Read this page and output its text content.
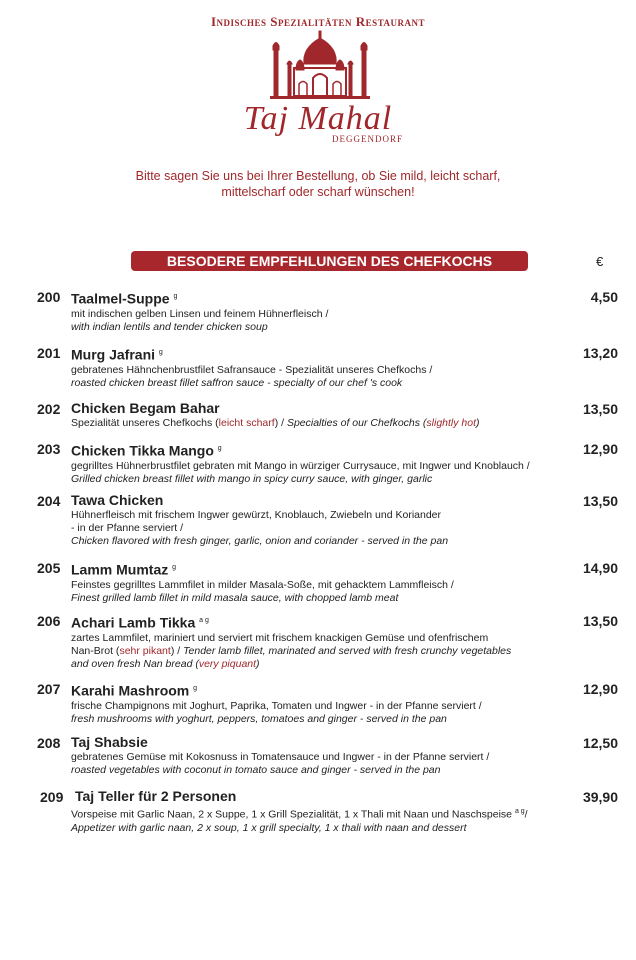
Indisches Spezialitäten Restaurant
Taj Mahal
DEGGENDORF
Bitte sagen Sie uns bei Ihrer Bestellung, ob Sie mild, leicht scharf,
mittelscharf oder scharf wünschen!
BESODERE EMPFEHLUNGEN DES CHEFKOCHS	€
200 Taalmel-Suppe $^g$
mit indischen gelben Linsen und feinem Hühnerfleisch /
with indian lentils and tender chicken soup
4,50
201 Murg Jafrani $^g$
gebratenes Hähnchenbrustfilet Safransauce - Spezialität unseres Chefkochs /
roasted chicken breast fillet saffron sauce - specialty of our chef 's cook
13,20
202 Chicken Begam Bahar
Spezialität unseres Chefkochs (leicht scharf) / Specialties of our Chefkochs (slightly hot)
13,50
203 Chicken Tikka Mango $^g$
gegrilltes Hühnerbrustfilet gebraten mit Mango in würziger Currysauce, mit Ingwer und Knoblauch /
Grilled chicken breast fillet with mango in spicy curry sauce, with ginger, garlic
12,90
204 Tawa Chicken
Hühnerfleisch mit frischem Ingwer gewürzt, Knoblauch, Zwiebeln und Koriander
- in der Pfanne serviert /
Chicken flavored with fresh ginger, garlic, onion and coriander - served in the pan
13,50
205 Lamm Mumtaz $^g$
Feinstes gegrilltes Lammfilet in milder Masala-Soße, mit gehacktem Lammfleisch /
Finest grilled lamb fillet in mild masala sauce, with chopped lamb meat
14,90
206 Achari Lamb Tikka $^{a g}$
zartes Lammfilet, mariniert und serviert mit frischem knackigen Gemüse und ofenfrischem
Nan-Brot (sehr pikant) / Tender lamb fillet, marinated and served with fresh crunchy vegetables
and oven fresh Nan bread (very piquant)
13,50
207 Karahi Mashroom $^g$
frische Champignons mit Joghurt, Paprika, Tomaten und Ingwer - in der Pfanne serviert /
fresh mushrooms with yoghurt, peppers, tomatoes and ginger - served in the pan
12,90
208 Taj Shabsie
gebratenes Gemüse mit Kokosnuss in Tomatensauce und Ingwer - in der Pfanne serviert /
roasted vegetables with coconut in tomato sauce and ginger - served in the pan
12,50
209 Taj Teller für 2 Personen
Vorspeise mit Garlic Naan, 2 x Suppe, 1 x Grill Spezialität, 1 x Thali mit Naan und Naschspeise $^{a g}$/
Appetizer with garlic naan, 2 x soup, 1 x grill specialty, 1 x thali with naan and dessert
39,90
